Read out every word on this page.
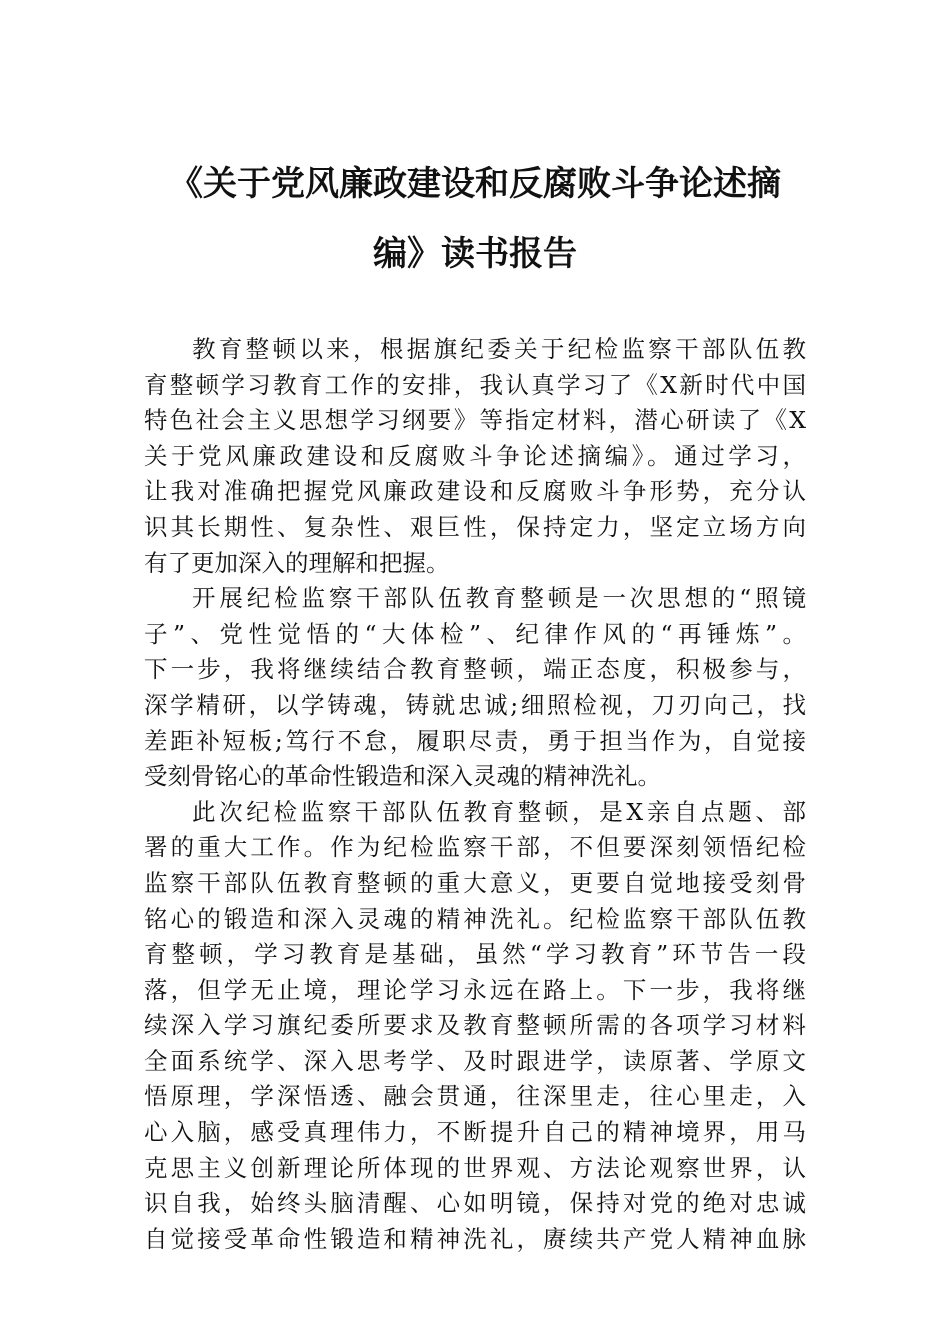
《关于党风廉政建设和反腐败斗争论述摘
编》读书报告
教育整顿以来，根据旗纪委关于纪检监察干部队伍教
育整顿学习教育工作的安排，我认真学习了《X新时代中国
特色社会主义思想学习纲要》等指定材料，潜心研读了《X
关于党风廉政建设和反腐败斗争论述摘编》。通过学习，
让我对准确把握党风廉政建设和反腐败斗争形势，充分认
识其长期性、复杂性、艰巨性，保持定力，坚定立场方向
有了更加深入的理解和把握。
开展纪检监察干部队伍教育整顿是一次思想的“照镜
子”、党性觉悟的“大体检”、纪律作风的“再锤炼”。
下一步，我将继续结合教育整顿，端正态度，积极参与，
深学精研，以学铸魂，铸就忠诚;细照检视，刀刃向己，找
差距补短板;笃行不怠，履职尽责，勇于担当作为，自觉接
受刻骨铭心的革命性锻造和深入灵魂的精神洗礼。
此次纪检监察干部队伍教育整顿，是X亲自点题、部
署的重大工作。作为纪检监察干部，不但要深刻领悟纪检
监察干部队伍教育整顿的重大意义，更要自觉地接受刻骨
铭心的锻造和深入灵魂的精神洗礼。纪检监察干部队伍教
育整顿，学习教育是基础，虽然“学习教育”环节告一段
落，但学无止境，理论学习永远在路上。下一步，我将继
续深入学习旗纪委所要求及教育整顿所需的各项学习材料
全面系统学、深入思考学、及时跟进学，读原著、学原文
悟原理，学深悟透、融会贯通，往深里走，往心里走，入
心入脑，感受真理伟力，不断提升自己的精神境界，用马
克思主义创新理论所体现的世界观、方法论观察世界，认
识自我，始终头脑清醒、心如明镜，保持对党的绝对忠诚
自觉接受革命性锻造和精神洗礼，赓续共产党人精神血脉
